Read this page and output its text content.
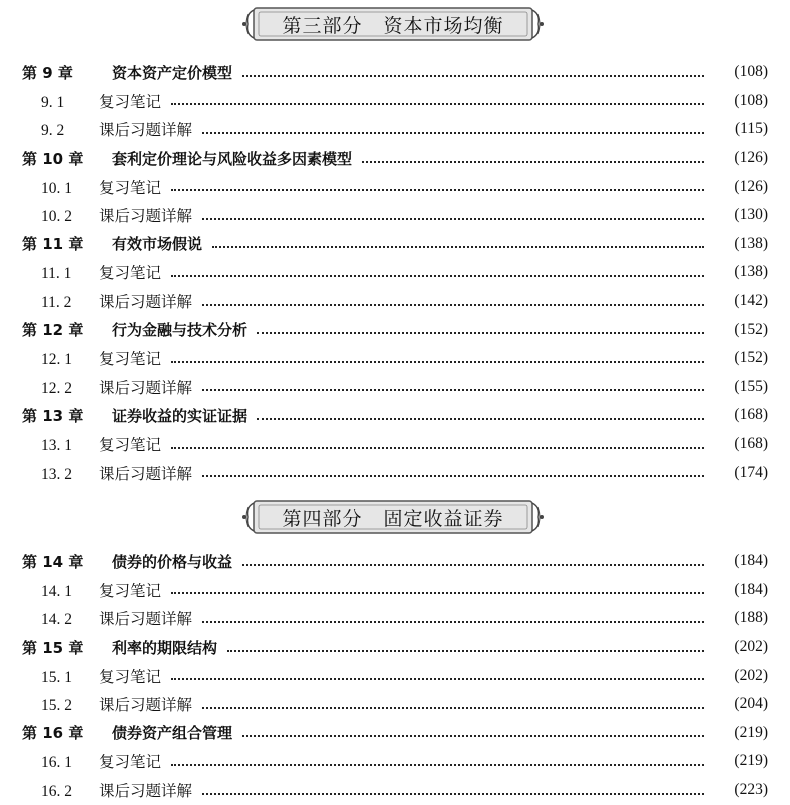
第三部分   资本市场均衡
第 9 章	资本资产定价模型	(108)
9. 1 复习笔记	(108)
9. 2 课后习题详解	(115)
第 10 章 套利定价理论与风险收益多因素模型	(126)
10. 1 复习笔记	(126)
10. 2 课后习题详解	(130)
第 11 章 有效市场假说	(138)
11. 1 复习笔记	(138)
11. 2 课后习题详解	(142)
第 12 章 行为金融与技术分析	(152)
12. 1 复习笔记	(152)
12. 2 课后习题详解	(155)
第 13 章 证券收益的实证证据	(168)
13. 1 复习笔记	(168)
13. 2 课后习题详解	(174)
第四部分   固定收益证券
第 14 章 债券的价格与收益	(184)
14. 1 复习笔记	(184)
14. 2 课后习题详解	(188)
第 15 章 利率的期限结构	(202)
15. 1 复习笔记	(202)
15. 2 课后习题详解	(204)
第 16 章 债券资产组合管理	(219)
16. 1 复习笔记	(219)
16. 2 课后习题详解	(223)
